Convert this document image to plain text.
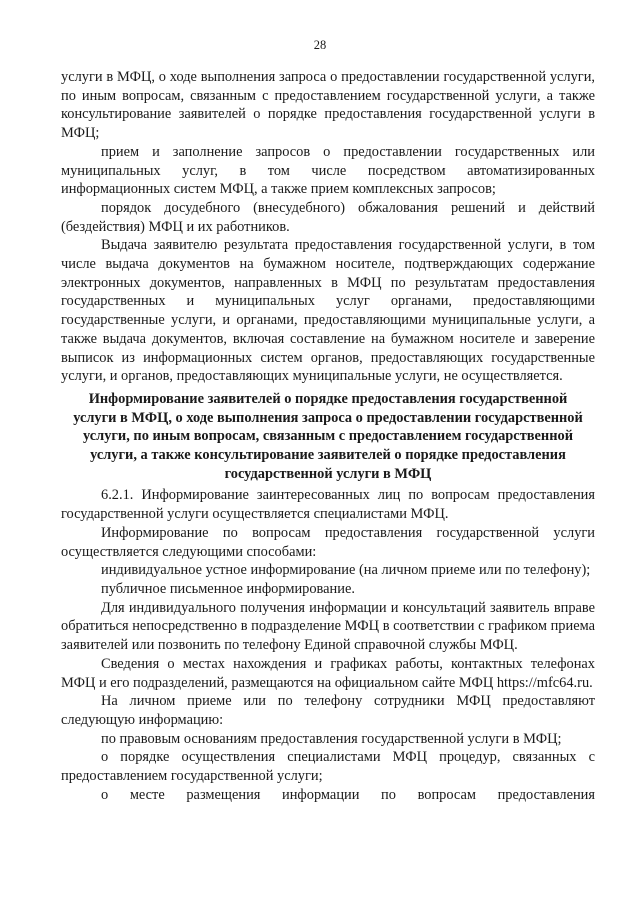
28

услуги в МФЦ, о ходе выполнения запроса о предоставлении государственной услуги, по иным вопросам, связанным с предоставлением государственной услуги, а также консультирование заявителей о порядке предоставления государственной услуги в МФЦ;

прием и заполнение запросов о предоставлении государственных или муниципальных услуг, в том числе посредством автоматизированных информационных систем МФЦ, а также прием комплексных запросов;

порядок досудебного (внесудебного) обжалования решений и действий (бездействия) МФЦ и их работников.

Выдача заявителю результата предоставления государственной услуги, в том числе выдача документов на бумажном носителе, подтверждающих содержание электронных документов, направленных в МФЦ по результатам предоставления государственных и муниципальных услуг органами, предоставляющими государственные услуги, и органами, предоставляющими муниципальные услуги, а также выдача документов, включая составление на бумажном носителе и заверение выписок из информационных систем органов, предоставляющих государственные услуги, и органов, предоставляющих муниципальные услуги, не осуществляется.

Информирование заявителей о порядке предоставления государственной услуги в МФЦ, о ходе выполнения запроса о предоставлении государственной услуги, по иным вопросам, связанным с предоставлением государственной услуги, а также консультирование заявителей о порядке предоставления государственной услуги в МФЦ

6.2.1. Информирование заинтересованных лиц по вопросам предоставления государственной услуги осуществляется специалистами МФЦ.

Информирование по вопросам предоставления государственной услуги осуществляется следующими способами:

индивидуальное устное информирование (на личном приеме или по телефону);

публичное письменное информирование.

Для индивидуального получения информации и консультаций заявитель вправе обратиться непосредственно в подразделение МФЦ в соответствии с графиком приема заявителей или позвонить по телефону Единой справочной службы МФЦ.

Сведения о местах нахождения и графиках работы, контактных телефонах МФЦ и его подразделений, размещаются на официальном сайте МФЦ https://mfc64.ru.

На личном приеме или по телефону сотрудники МФЦ предоставляют следующую информацию:

по правовым основаниям предоставления государственной услуги в МФЦ;

о порядке осуществления специалистами МФЦ процедур, связанных с предоставлением государственной услуги;

о месте размещения информации по вопросам предоставления
